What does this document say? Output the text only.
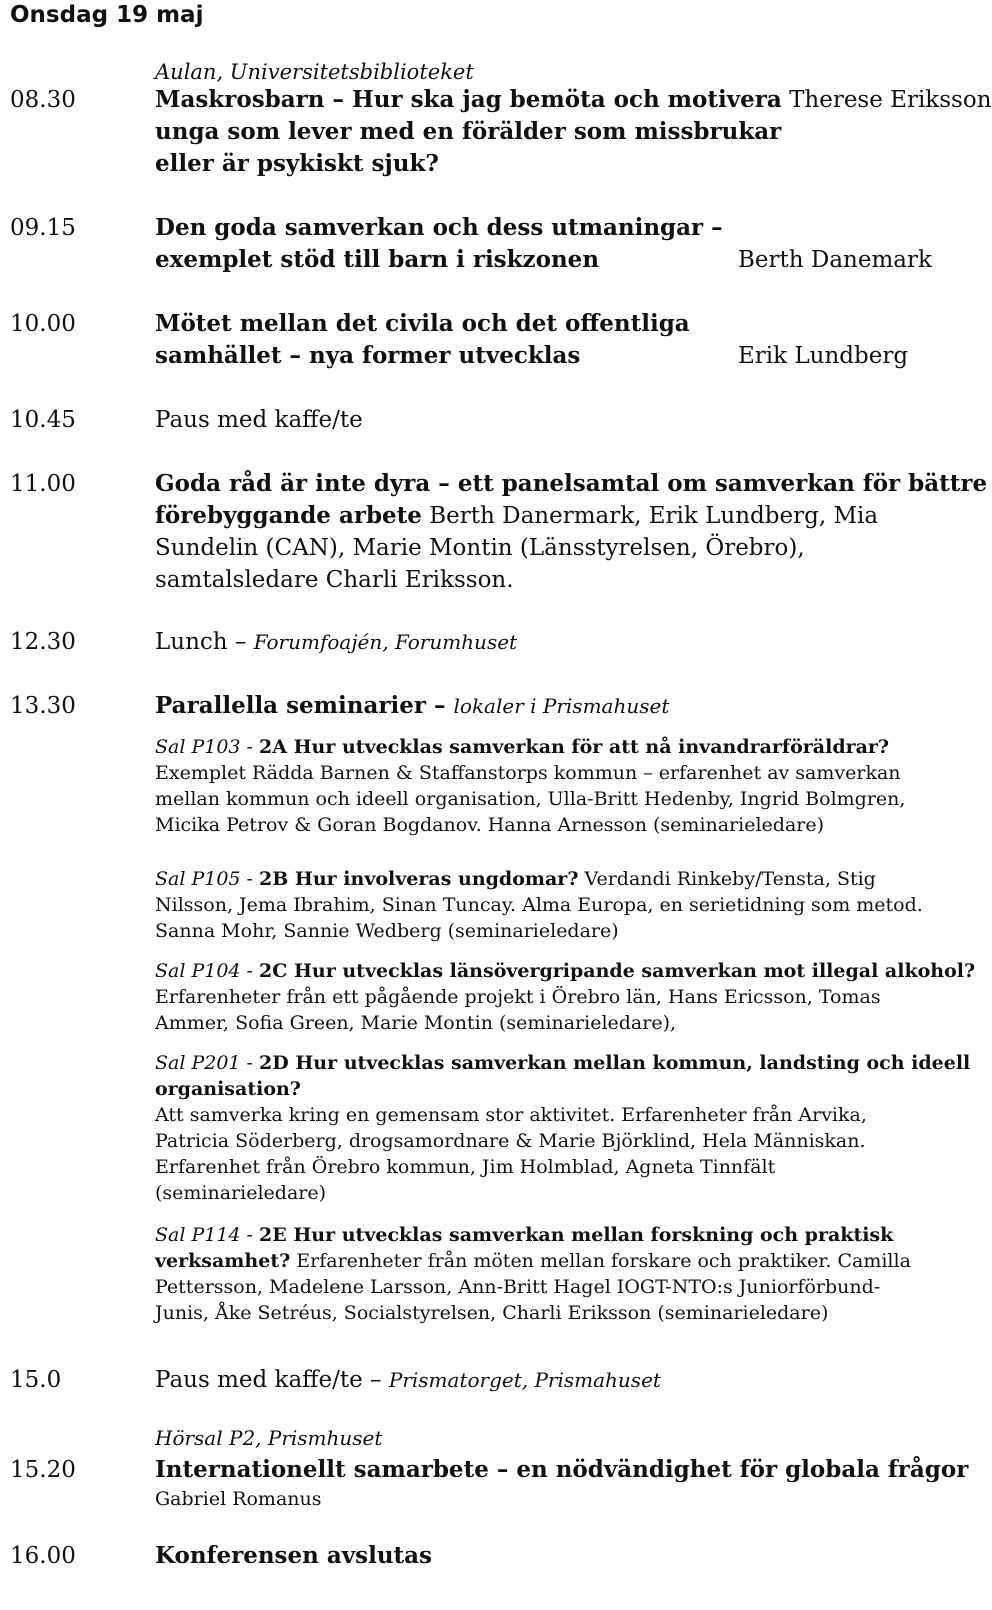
Onsdag 19 maj
Aulan, Universitetsbiblioteket
08.30	Maskrosbarn – Hur ska jag bemöta och motivera Therese Eriksson
unga som lever med en förälder som missbrukar
eller är psykiskt sjuk?
09.15	Den goda samverkan och dess utmaningar –
exemplet stöd till barn i riskzonen	Berth Danemark
10.00	Mötet mellan det civila och det offentliga
samhället – nya former utvecklas	Erik Lundberg
10.45	Paus med kaffe/te
11.00	Goda råd är inte dyra – ett panelsamtal om samverkan för bättre
förebyggande arbete Berth Danermark, Erik Lundberg, Mia
Sundelin (CAN), Marie Montin (Länsstyrelsen, Örebro),
samtalsledare Charli Eriksson.
12.30	Lunch – Forumfoajén, Forumhuset
13.30	Parallella seminarier – lokaler i Prismahuset
Sal P103 - 2A Hur utvecklas samverkan för att nå invandrarföräldrar?
Exemplet Rädda Barnen & Staffanstorps kommun – erfarenhet av samverkan
mellan kommun och ideell organisation, Ulla-Britt Hedenby, Ingrid Bolmgren,
Micika Petrov & Goran Bogdanov. Hanna Arnesson (seminarieledare)
Sal P105 - 2B Hur involveras ungdomar? Verdandi Rinkeby/Tensta, Stig
Nilsson, Jema Ibrahim, Sinan Tuncay. Alma Europa, en serietidning som metod.
Sanna Mohr, Sannie Wedberg (seminarieledare)
Sal P104 - 2C Hur utvecklas länsövergripande samverkan mot illegal alkohol?
Erfarenheter från ett pågående projekt i Örebro län, Hans Ericsson, Tomas
Ammer, Sofia Green, Marie Montin (seminarieledare),
Sal P201 - 2D Hur utvecklas samverkan mellan kommun, landsting och ideell
organisation?
Att samverka kring en gemensam stor aktivitet. Erfarenheter från Arvika,
Patricia Söderberg, drogsamordnare & Marie Björklind, Hela Människan.
Erfarenhet från Örebro kommun, Jim Holmblad, Agneta Tinnfält
(seminarieledare)
Sal P114 - 2E Hur utvecklas samverkan mellan forskning och praktisk
verksamhet? Erfarenheter från möten mellan forskare och praktiker. Camilla
Pettersson, Madelene Larsson, Ann-Britt Hagel IOGT-NTO:s Juniorförbund-
Junis, Åke Setréus, Socialstyrelsen, Charli Eriksson (seminarieledare)
15.0	Paus med kaffe/te – Prismatorget, Prismahuset
Hörsal P2, Prismhuset
15.20	Internationellt samarbete – en nödvändighet för globala frågor
Gabriel Romanus
16.00	Konferensen avslutas
